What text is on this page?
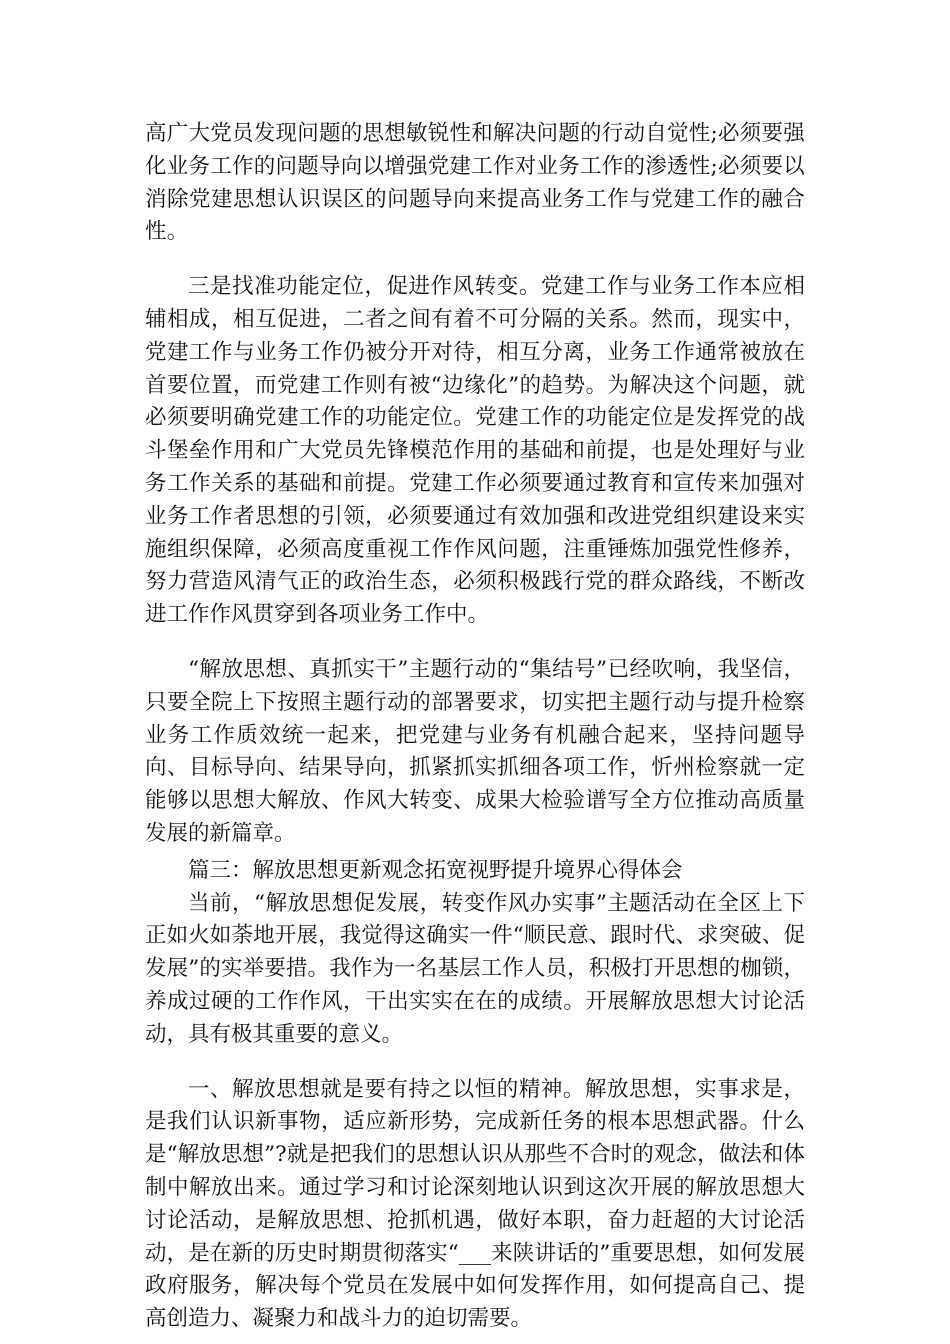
高广大党员发现问题的思想敏锐性和解决问题的行动自觉性;必须要强化业务工作的问题导向以增强党建工作对业务工作的渗透性;必须要以消除党建思想认识误区的问题导向来提高业务工作与党建工作的融合性。

三是找准功能定位，促进作风转变。党建工作与业务工作本应相辅相成，相互促进，二者之间有着不可分隔的关系。然而，现实中，党建工作与业务工作仍被分开对待，相互分离，业务工作通常被放在首要位置，而党建工作则有被“边缘化”的趋势。为解决这个问题，就必须要明确党建工作的功能定位。党建工作的功能定位是发挥党的战斗堡垒作用和广大党员先锋模范作用的基础和前提，也是处理好与业务工作关系的基础和前提。党建工作必须要通过教育和宣传来加强对业务工作者思想的引领，必须要通过有效加强和改进党组织建设来实施组织保障，必须高度重视工作作风问题，注重锤炼加强党性修养，努力营造风清气正的政治生态，必须积极践行党的群众路线，不断改进工作作风贯穿到各项业务工作中。

“解放思想、真抓实干”主题行动的“集结号”已经吹响，我坚信，只要全院上下按照主题行动的部署要求，切实把主题行动与提升检察业务工作质效统一起来，把党建与业务有机融合起来，坚持问题导向、目标导向、结果导向，抓紧抓实抓细各项工作，忻州检察就一定能够以思想大解放、作风大转变、成果大检验谱写全方位推动高质量发展的新篇章。

篇三：解放思想更新观念拓宽视野提升境界心得体会

当前，“解放思想促发展，转变作风办实事”主题活动在全区上下正如火如荼地开展，我觉得这确实一件“顺民意、跟时代、求突破、促发展”的实举要措。我作为一名基层工作人员，积极打开思想的枷锁，养成过硬的工作作风，干出实实在在的成绩。开展解放思想大讨论活动，具有极其重要的意义。

一、解放思想就是要有持之以恒的精神。解放思想，实事求是，是我们认识新事物，适应新形势，完成新任务的根本思想武器。什么是“解放思想”?就是把我们的思想认识从那些不合时的观念，做法和体制中解放出来。通过学习和讨论深刻地认识到这次开展的解放思想大讨论活动，是解放思想、抢抓机遇，做好本职，奋力赶超的大讨论活动，是在新的历史时期贯彻落实“___来陕讲话的”重要思想，如何发展政府服务，解决每个党员在发展中如何发挥作用，如何提高自己、提高创造力、凝聚力和战斗力的迫切需要。
